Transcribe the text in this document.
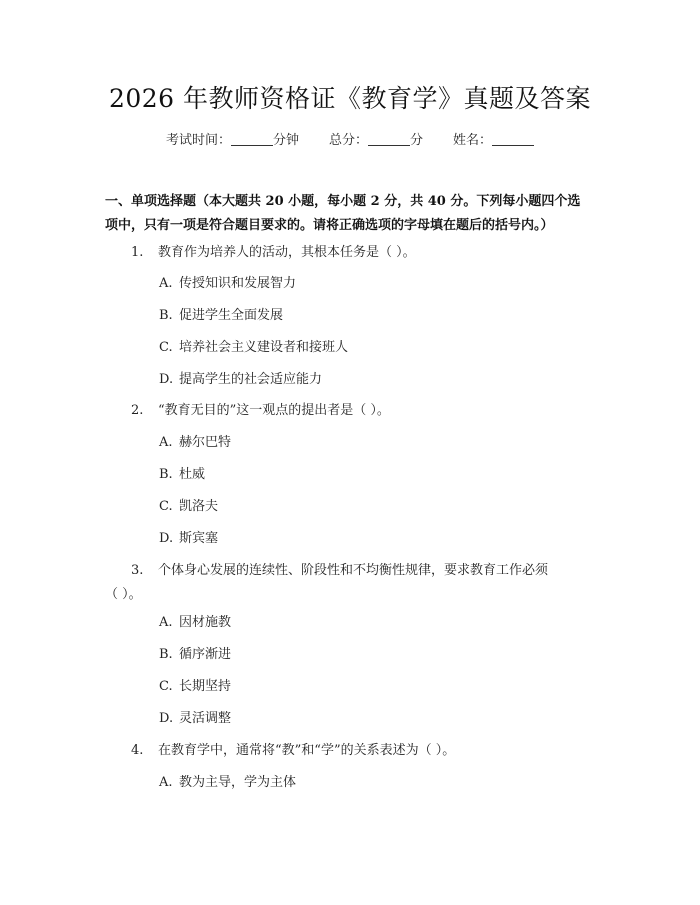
2026 年教师资格证《教育学》真题及答案
考试时间：	分钟 总分：	分 姓名：
一、单项选择题（本大题共 20 小题，每小题 2 分，共 40 分。下列每小题四个选
项中，只有一项是符合题目要求的。请将正确选项的字母填在题后的括号内。）
1. 教育作为培养人的活动，其根本任务是（ ）。
A. 传授知识和发展智力
B. 促进学生全面发展
C. 培养社会主义建设者和接班人
D. 提高学生的社会适应能力
2. “教育无目的”这一观点的提出者是（ ）。
A. 赫尔巴特
B. 杜威
C. 凯洛夫
D. 斯宾塞
3. 个体身心发展的连续性、阶段性和不均衡性规律，要求教育工作必须
（ ）。
A. 因材施教
B. 循序渐进
C. 长期坚持
D. 灵活调整
4. 在教育学中，通常将“教”和“学”的关系表述为（ ）。
A. 教为主导，学为主体
